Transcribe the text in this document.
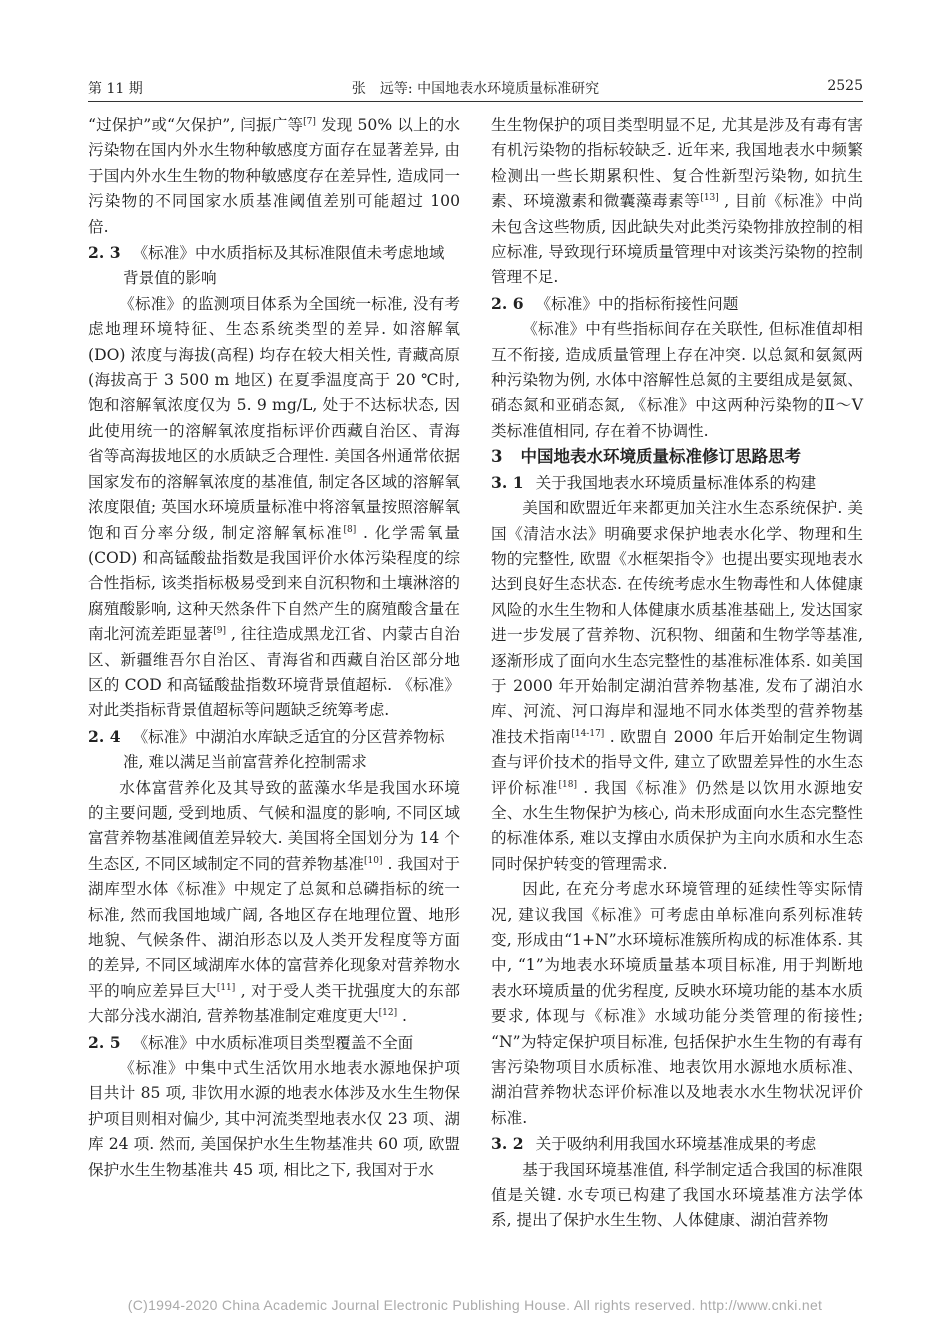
第 11 期	张　远等: 中国地表水环境质量标准研究	2525

“过保护”或“欠保护”, 闫振广等[7] 发现 50% 以上的水污染物在国内外水生物种敏感度方面存在显著差异, 由于国内外水生生物的物种敏感度存在差异性, 造成同一污染物的不同国家水质基准阈值差别可能超过 100 倍.

2. 3 《标准》中水质指标及其标准限值未考虑地域
背景值的影响

《标准》的监测项目体系为全国统一标准, 没有考虑地理环境特征、生态系统类型的差异. 如溶解氧(DO) 浓度与海拔(高程) 均存在较大相关性, 青藏高原(海拔高于 3 500 m 地区) 在夏季温度高于 20 ℃时, 饱和溶解氧浓度仅为 5. 9 mg/L, 处于不达标状态, 因此使用统一的溶解氧浓度指标评价西藏自治区、青海省等高海拔地区的水质缺乏合理性. 美国各州通常依据国家发布的溶解氧浓度的基准值, 制定各区域的溶解氧浓度限值; 英国水环境质量标准中将溶氧量按照溶解氧饱和百分率分级, 制定溶解氧标准[8] . 化学需氧量(COD) 和高锰酸盐指数是我国评价水体污染程度的综合性指标, 该类指标极易受到来自沉积物和土壤淋溶的腐殖酸影响, 这种天然条件下自然产生的腐殖酸含量在南北河流差距显著[9] , 往往造成黑龙江省、内蒙古自治区、新疆维吾尔自治区、青海省和西藏自治区部分地区的 COD 和高锰酸盐指数环境背景值超标. 《标准》对此类指标背景值超标等问题缺乏统筹考虑.

2. 4 《标准》中湖泊水库缺乏适宜的分区营养物标
准, 难以满足当前富营养化控制需求

水体富营养化及其导致的蓝藻水华是我国水环境的主要问题, 受到地质、气候和温度的影响, 不同区域富营养物基准阈值差异较大. 美国将全国划分为 14 个生态区, 不同区域制定不同的营养物基准[10] . 我国对于湖库型水体《标准》中规定了总氮和总磷指标的统一标准, 然而我国地域广阔, 各地区存在地理位置、地形地貌、气候条件、湖泊形态以及人类开发程度等方面的差异, 不同区域湖库水体的富营养化现象对营养物水平的响应差异巨大[11] , 对于受人类干扰强度大的东部大部分浅水湖泊, 营养物基准制定难度更大[12] .

2. 5 《标准》中水质标准项目类型覆盖不全面

《标准》中集中式生活饮用水地表水源地保护项目共计 85 项, 非饮用水源的地表水体涉及水生生物保护项目则相对偏少, 其中河流类型地表水仅 23 项、湖库 24 项. 然而, 美国保护水生生物基准共 60 项, 欧盟保护水生生物基准共 45 项, 相比之下, 我国对于水

生生物保护的项目类型明显不足, 尤其是涉及有毒有害有机污染物的指标较缺乏. 近年来, 我国地表水中频繁检测出一些长期累积性、复合性新型污染物, 如抗生素、环境激素和微囊藻毒素等[13] , 目前《标准》中尚未包含这些物质, 因此缺失对此类污染物排放控制的相应标准, 导致现行环境质量管理中对该类污染物的控制管理不足.

2. 6 《标准》中的指标衔接性问题

《标准》中有些指标间存在关联性, 但标准值却相互不衔接, 造成质量管理上存在冲突. 以总氮和氨氮两种污染物为例, 水体中溶解性总氮的主要组成是氨氮、硝态氮和亚硝态氮, 《标准》中这两种污染物的Ⅱ～Ⅴ类标准值相同, 存在着不协调性.

3 中国地表水环境质量标准修订思路思考
3. 1 关于我国地表水环境质量标准体系的构建

美国和欧盟近年来都更加关注水生态系统保护. 美国《清洁水法》明确要求保护地表水化学、物理和生物的完整性, 欧盟《水框架指令》也提出要实现地表水达到良好生态状态. 在传统考虑水生物毒性和人体健康风险的水生生物和人体健康水质基准基础上, 发达国家进一步发展了营养物、沉积物、细菌和生物学等基准, 逐渐形成了面向水生态完整性的基准标准体系. 如美国于 2000 年开始制定湖泊营养物基准, 发布了湖泊水库、河流、河口海岸和湿地不同水体类型的营养物基准技术指南[14-17] . 欧盟自 2000 年后开始制定生物调查与评价技术的指导文件, 建立了欧盟差异性的水生态评价标准[18] . 我国《标准》仍然是以饮用水源地安全、水生生物保护为核心, 尚未形成面向水生态完整性的标准体系, 难以支撑由水质保护为主向水质和水生态同时保护转变的管理需求.

因此, 在充分考虑水环境管理的延续性等实际情况, 建议我国《标准》可考虑由单标准向系列标准转变, 形成由“1+N”水环境标准簇所构成的标准体系. 其中, “1”为地表水环境质量基本项目标准, 用于判断地表水环境质量的优劣程度, 反映水环境功能的基本水质要求, 体现与《标准》水域功能分类管理的衔接性; “N”为特定保护项目标准, 包括保护水生生物的有毒有害污染物项目水质标准、地表饮用水源地水质标准、湖泊营养物状态评价标准以及地表水水生物状况评价标准.

3. 2 关于吸纳利用我国水环境基准成果的考虑

基于我国环境基准值, 科学制定适合我国的标准限值是关键. 水专项已构建了我国水环境基准方法学体系, 提出了保护水生生物、人体健康、湖泊营养物

(C)1994-2020 China Academic Journal Electronic Publishing House. All rights reserved. http://www.cnki.net
